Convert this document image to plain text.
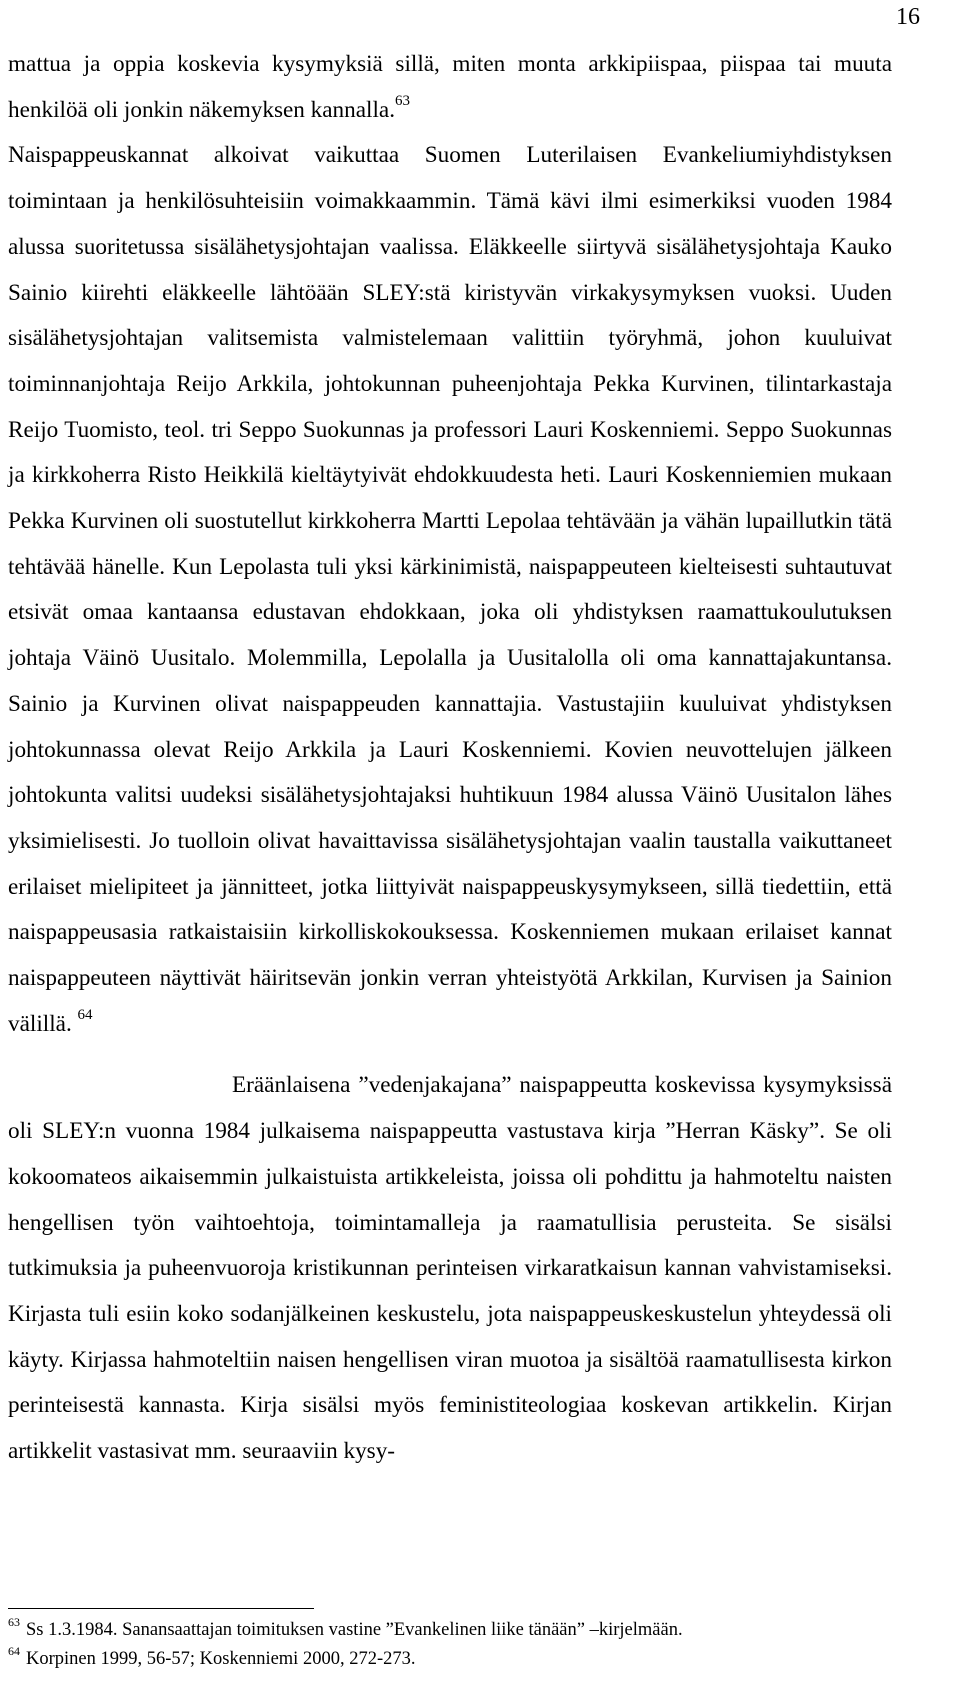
16

mattua ja oppia koskevia kysymyksiä sillä, miten monta arkkipiispaa, piispaa tai muuta henkilöä oli jonkin näkemyksen kannalla.$^{63}$

Naispappeuskannat alkoivat vaikuttaa Suomen Luterilaisen Evankeliumiyhdistyksen toimintaan ja henkilösuhteisiin voimakkaammin. Tämä kävi ilmi esimerkiksi vuoden 1984 alussa suoritetussa sisälähetysjohtajan vaalissa. Eläkkeelle siirtyvä sisälähetysjohtaja Kauko Sainio kiirehti eläkkeelle lähtöään SLEY:stä kiristyvän virkakysymyksen vuoksi. Uuden sisälähetysjohtajan valitsemista valmistelemaan valittiin työryhmä, johon kuuluivat toiminnanjohtaja Reijo Arkkila, johtokunnan puheenjohtaja Pekka Kurvinen, tilintarkastaja Reijo Tuomisto, teol. tri Seppo Suokunnas ja professori Lauri Koskenniemi. Seppo Suokunnas ja kirkkoherra Risto Heikkilä kieltäytyivät ehdokkuudesta heti. Lauri Koskenniemien mukaan Pekka Kurvinen oli suostutellut kirkkoherra Martti Lepolaa tehtävään ja vähän lupaillutkin tätä tehtävää hänelle. Kun Lepolasta tuli yksi kärkinimistä, naispappeuteen kielteisesti suhtautuvat etsivät omaa kantaansa edustavan ehdokkaan, joka oli yhdistyksen raamattukoulutuksen johtaja Väinö Uusitalo. Molemmilla, Lepolalla ja Uusitalolla oli oma kannattajakuntansa. Sainio ja Kurvinen olivat naispappeuden kannattajia. Vastustajiin kuuluivat yhdistyksen johtokunnassa olevat Reijo Arkkila ja Lauri Koskenniemi. Kovien neuvottelujen jälkeen johtokunta valitsi uudeksi sisälähetysjohtajaksi huhtikuun 1984 alussa Väinö Uusitalon lähes yksimielisesti. Jo tuolloin olivat havaittavissa sisälähetysjohtajan vaalin taustalla vaikuttaneet erilaiset mielipiteet ja jännitteet, jotka liittyivät naispappeuskysymykseen, sillä tiedettiin, että naispappeusasia ratkaistaisiin kirkolliskokouksessa. Koskenniemen mukaan erilaiset kannat naispappeuteen näyttivät häiritsevän jonkin verran yhteistyötä Arkkilan, Kurvisen ja Sainion välillä. $^{64}$

Eräänlaisena ”vedenjakajana” naispappeutta koskevissa kysymyksissä oli SLEY:n vuonna 1984 julkaisema naispappeutta vastustava kirja ”Herran Käsky”. Se oli kokoomateos aikaisemmin julkaistuista artikkeleista, joissa oli pohdittu ja hahmoteltu naisten hengellisen työn vaihtoehtoja, toimintamalleja ja raamatullisia perusteita. Se sisälsi tutkimuksia ja puheenvuoroja kristikunnan perinteisen virkaratkaisun kannan vahvistamiseksi. Kirjasta tuli esiin koko sodanjälkeinen keskustelu, jota naispappeuskeskustelun yhteydessä oli käyty. Kirjassa hahmoteltiin naisen hengellisen viran muotoa ja sisältöä raamatullisesta kirkon perinteisestä kannasta. Kirja sisälsi myös feministiteologiaa koskevan artikkelin. Kirjan artikkelit vastasivat mm. seuraaviin kysy-

$^{63}$ Ss 1.3.1984. Sanansaattajan toimituksen vastine ”Evankelinen liike tänään” –kirjelmään.
$^{64}$ Korpinen 1999, 56-57; Koskenniemi 2000, 272-273.
